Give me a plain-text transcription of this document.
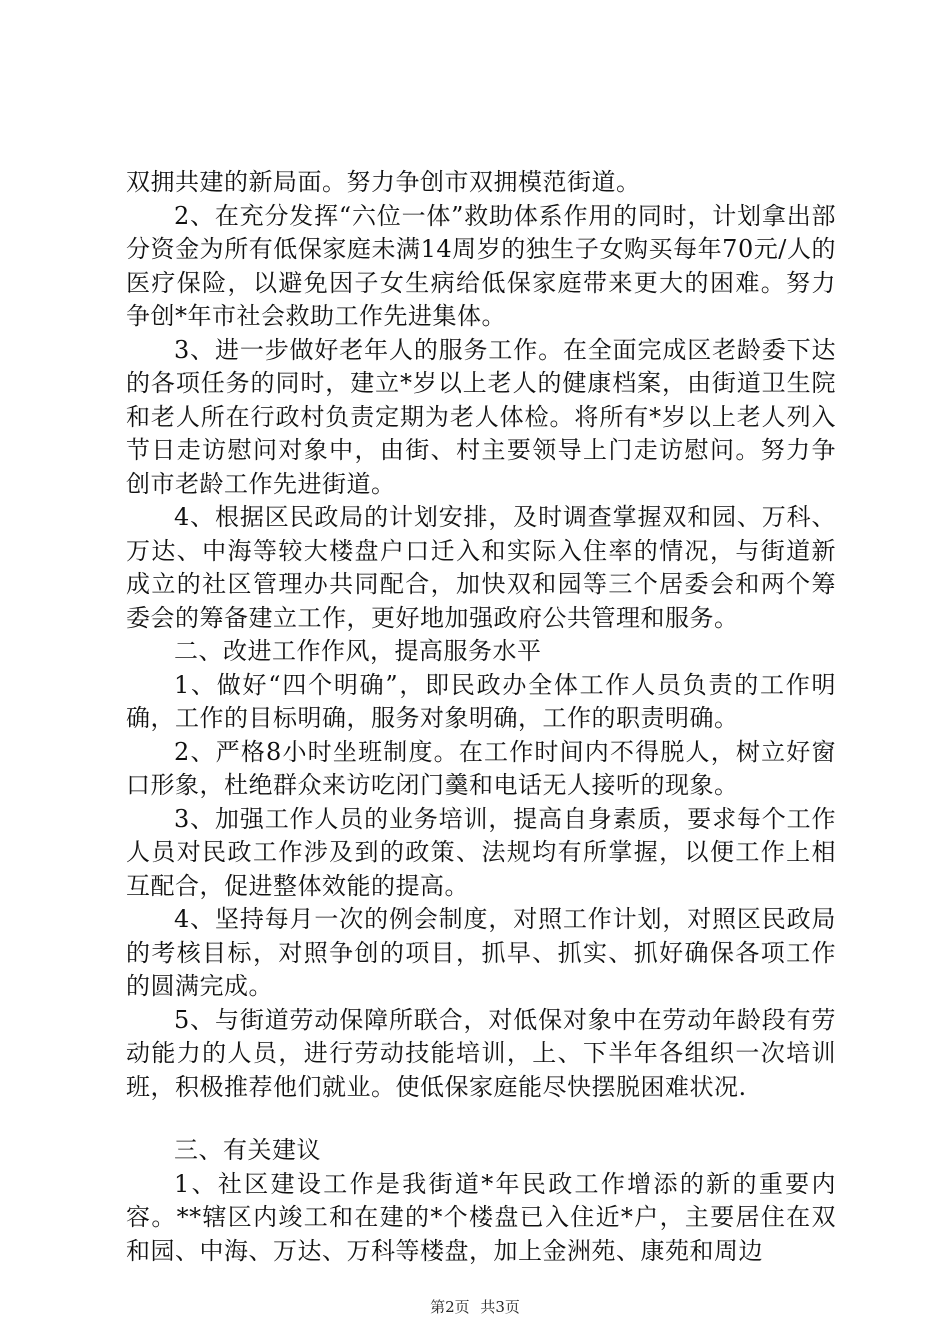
双拥共建的新局面。努力争创市双拥模范街道。

2、在充分发挥“六位一体”救助体系作用的同时，计划拿出部分资金为所有低保家庭未满14周岁的独生子女购买每年70元/人的医疗保险，以避免因子女生病给低保家庭带来更大的困难。努力争创*年市社会救助工作先进集体。

3、进一步做好老年人的服务工作。在全面完成区老龄委下达的各项任务的同时，建立*岁以上老人的健康档案，由街道卫生院和老人所在行政村负责定期为老人体检。将所有*岁以上老人列入节日走访慰问对象中，由街、村主要领导上门走访慰问。努力争创市老龄工作先进街道。

4、根据区民政局的计划安排，及时调查掌握双和园、万科、万达、中海等较大楼盘户口迁入和实际入住率的情况，与街道新成立的社区管理办共同配合，加快双和园等三个居委会和两个筹委会的筹备建立工作，更好地加强政府公共管理和服务。

二、改进工作作风，提高服务水平

1、做好“四个明确”，即民政办全体工作人员负责的工作明确，工作的目标明确，服务对象明确，工作的职责明确。

2、严格8小时坐班制度。在工作时间内不得脱人，树立好窗口形象，杜绝群众来访吃闭门羹和电话无人接听的现象。

3、加强工作人员的业务培训，提高自身素质，要求每个工作人员对民政工作涉及到的政策、法规均有所掌握，以便工作上相互配合，促进整体效能的提高。

4、坚持每月一次的例会制度，对照工作计划，对照区民政局的考核目标，对照争创的项目，抓早、抓实、抓好确保各项工作的圆满完成。

5、与街道劳动保障所联合，对低保对象中在劳动年龄段有劳动能力的人员，进行劳动技能培训，上、下半年各组织一次培训班，积极推荐他们就业。使低保家庭能尽快摆脱困难状况.

三、有关建议

1、社区建设工作是我街道*年民政工作增添的新的重要内容。**辖区内竣工和在建的*个楼盘已入住近*户，主要居住在双和园、中海、万达、万科等楼盘，加上金洲苑、康苑和周边

第2页 共3页
